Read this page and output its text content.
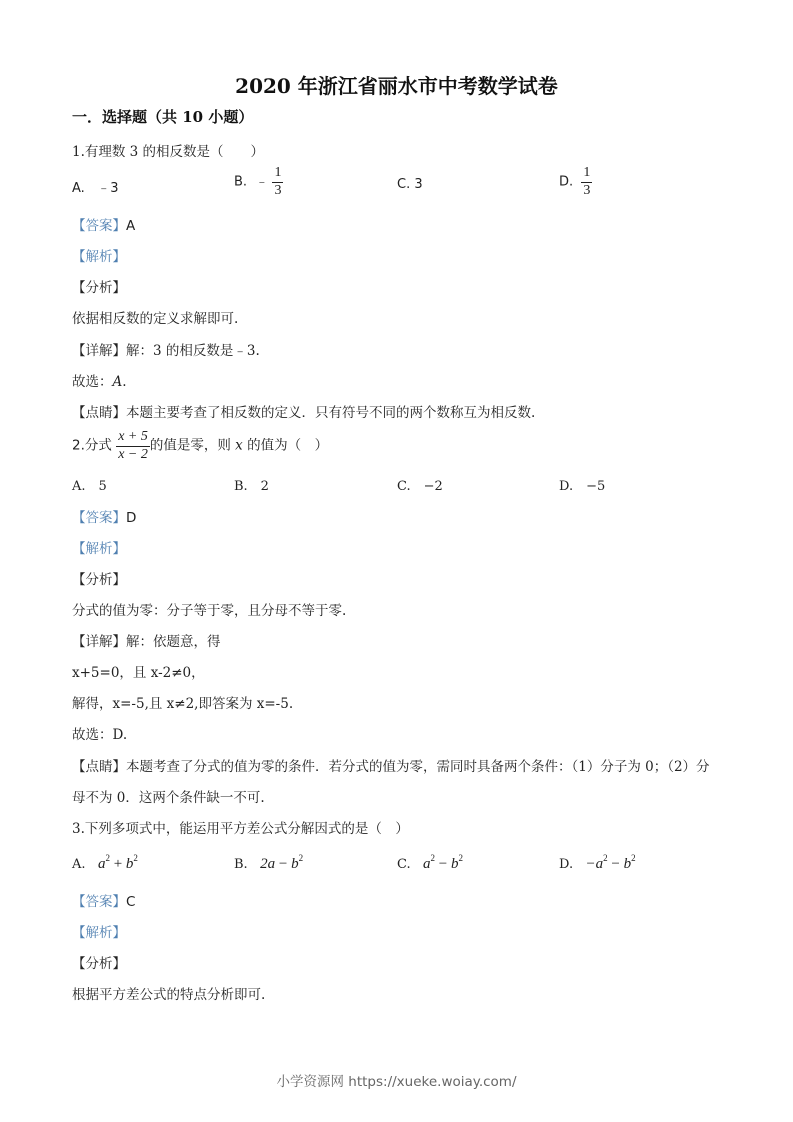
2020 年浙江省丽水市中考数学试卷
一．选择题（共 10 小题）
1.有理数 3 的相反数是（　　）
A. ﹣3	B. ﹣ $\frac{1}{3}$	C. 3	D. $\frac{1}{3}$
【答案】A
【解析】
【分析】
依据相反数的定义求解即可.
【详解】解：3 的相反数是﹣3.
故选：A.
【点睛】本题主要考查了相反数的定义．只有符号不同的两个数称互为相反数.
2.分式 $\frac{x + 5}{x - 2}$ 的值是零，则 x 的值为（　）
A.　5	B.　2	C.　−2	D.　−5
【答案】D
【解析】
【分析】
分式的值为零：分子等于零，且分母不等于零.
【详解】解：依题意，得
x+5=0，且 x-2≠0，
解得，x=-5,且 x≠2,即答案为 x=-5.
故选：D.
【点睛】本题考查了分式的值为零的条件．若分式的值为零，需同时具备两个条件：（1）分子为 0；（2）分
母不为 0．这两个条件缺一不可.
3.下列多项式中，能运用平方差公式分解因式的是（　）
A. $a^2 + b^2$	B. $2a - b^2$	C. $a^2 - b^2$	D. $-a^2 - b^2$
【答案】C
【解析】
【分析】
根据平方差公式的特点分析即可.
小学资源网 https://xueke.woiay.com/
